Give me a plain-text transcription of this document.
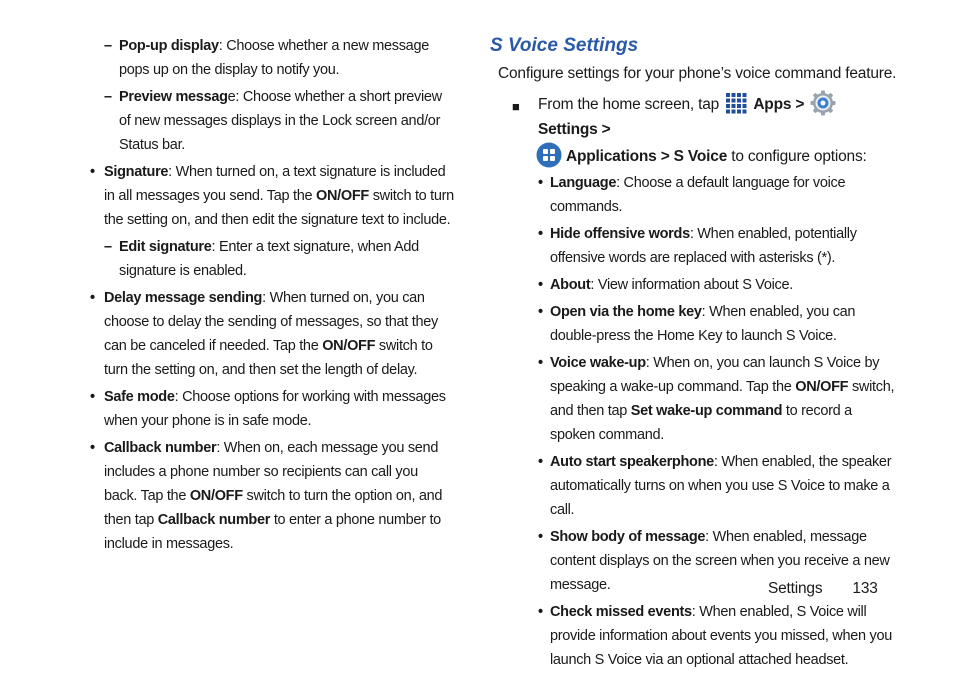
– Pop-up display: Choose whether a new message pops up on the display to notify you.
– Preview message: Choose whether a short preview of new messages displays in the Lock screen and/or Status bar.
• Signature: When turned on, a text signature is included in all messages you send. Tap the ON/OFF switch to turn the setting on, and then edit the signature text to include.
– Edit signature: Enter a text signature, when Add signature is enabled.
• Delay message sending: When turned on, you can choose to delay the sending of messages, so that they can be canceled if needed. Tap the ON/OFF switch to turn the setting on, and then set the length of delay.
• Safe mode: Choose options for working with messages when your phone is in safe mode.
• Callback number: When on, each message you send includes a phone number so recipients can call you back. Tap the ON/OFF switch to turn the option on, and then tap Callback number to enter a phone number to include in messages.
S Voice Settings

Configure settings for your phone’s voice command feature.

■ From the home screen, tap  Apps >  Settings >
Applications > S Voice to configure options:
• Language: Choose a default language for voice commands.
• Hide offensive words: When enabled, potentially offensive words are replaced with asterisks (*).
• About: View information about S Voice.
• Open via the home key: When enabled, you can double-press the Home Key to launch S Voice.
• Voice wake-up: When on, you can launch S Voice by speaking a wake-up command. Tap the ON/OFF switch, and then tap Set wake-up command to record a spoken command.
• Auto start speakerphone: When enabled, the speaker automatically turns on when you use S Voice to make a call.
• Show body of message: When enabled, message content displays on the screen when you receive a new message.
• Check missed events: When enabled, S Voice will provide information about events you missed, when you launch S Voice via an optional attached headset.
Settings 133
